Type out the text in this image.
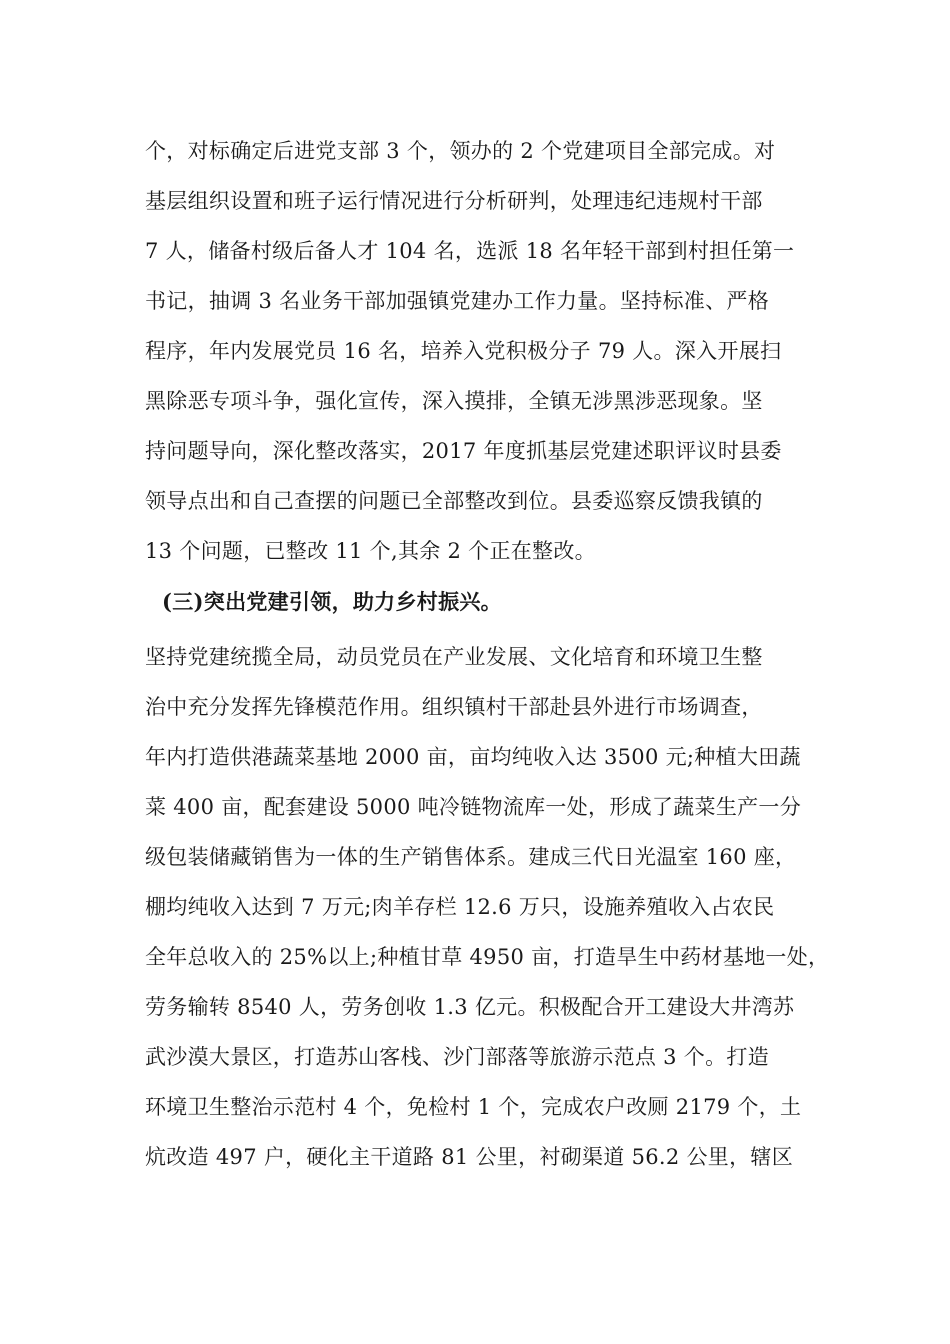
个，对标确定后进党支部 3 个，领办的 2 个党建项目全部完成。对
基层组织设置和班子运行情况进行分析研判，处理违纪违规村干部
7 人，储备村级后备人才 104 名，选派 18 名年轻干部到村担任第一
书记，抽调 3 名业务干部加强镇党建办工作力量。坚持标准、严格
程序，年内发展党员 16 名，培养入党积极分子 79 人。深入开展扫
黑除恶专项斗争，强化宣传，深入摸排，全镇无涉黑涉恶现象。坚
持问题导向，深化整改落实，2017 年度抓基层党建述职评议时县委
领导点出和自己查摆的问题已全部整改到位。县委巡察反馈我镇的
13 个问题，已整改 11 个,其余 2 个正在整改。
(三)突出党建引领，助力乡村振兴。
坚持党建统揽全局，动员党员在产业发展、文化培育和环境卫生整
治中充分发挥先锋模范作用。组织镇村干部赴县外进行市场调查，
年内打造供港蔬菜基地 2000 亩，亩均纯收入达 3500 元;种植大田蔬
菜 400 亩，配套建设 5000 吨冷链物流库一处，形成了蔬菜生产一分
级包装储藏销售为一体的生产销售体系。建成三代日光温室 160 座，
棚均纯收入达到 7 万元;肉羊存栏 12.6 万只，设施养殖收入占农民
全年总收入的 25%以上;种植甘草 4950 亩，打造旱生中药材基地一处，
劳务输转 8540 人，劳务创收 1.3 亿元。积极配合开工建设大井湾苏
武沙漠大景区，打造苏山客栈、沙门部落等旅游示范点 3 个。打造
环境卫生整治示范村 4 个，免检村 1 个，完成农户改厕 2179 个，土
炕改造 497 户，硬化主干道路 81 公里，衬砌渠道 56.2 公里，辖区
